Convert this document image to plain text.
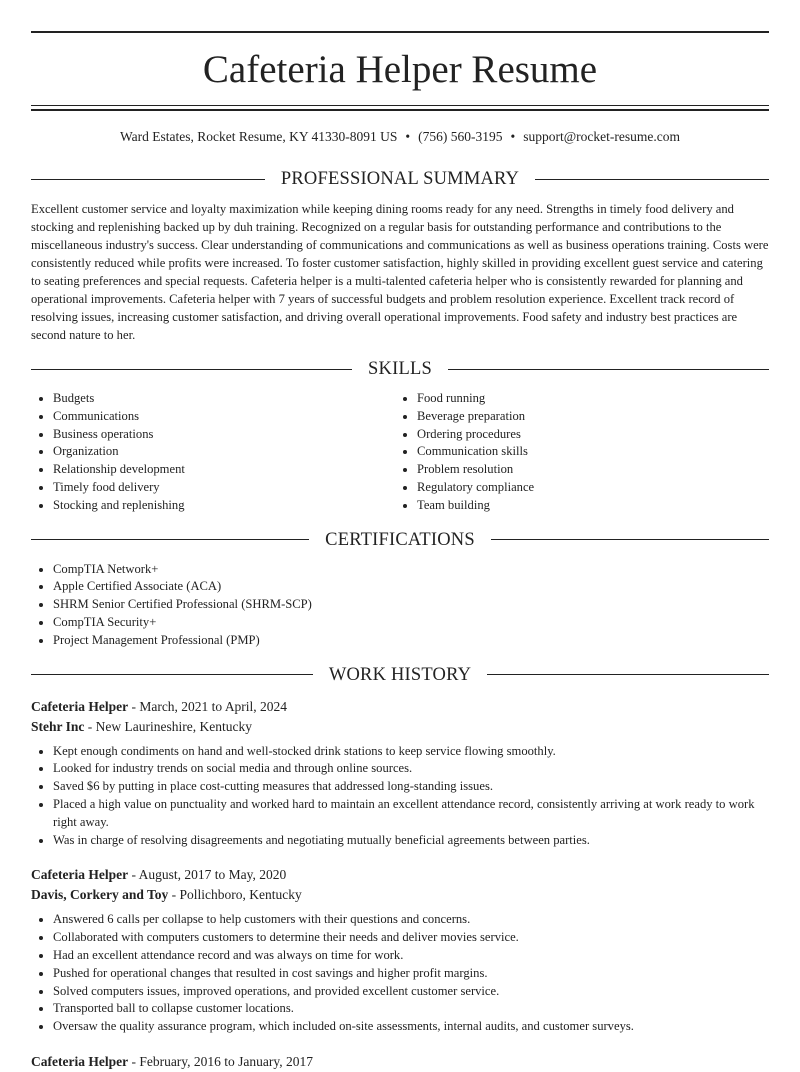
Cafeteria Helper Resume
Ward Estates, Rocket Resume, KY 41330-8091 US • (756) 560-3195 • support@rocket-resume.com
PROFESSIONAL SUMMARY

Excellent customer service and loyalty maximization while keeping dining rooms ready for any need. Strengths in timely food delivery and stocking and replenishing backed up by duh training. Recognized on a regular basis for outstanding performance and contributions to the miscellaneous industry's success. Clear understanding of communications and communications as well as business operations training. Costs were consistently reduced while profits were increased. To foster customer satisfaction, highly skilled in providing excellent guest service and catering to seating preferences and special requests. Cafeteria helper is a multi-talented cafeteria helper who is consistently rewarded for planning and operational improvements. Cafeteria helper with 7 years of successful budgets and problem resolution experience. Excellent track record of resolving issues, increasing customer satisfaction, and driving overall operational improvements. Food safety and industry best practices are second nature to her.

SKILLS
• Budgets
• Communications
• Business operations
• Organization
• Relationship development
• Timely food delivery
• Stocking and replenishing
• Food running
• Beverage preparation
• Ordering procedures
• Communication skills
• Problem resolution
• Regulatory compliance
• Team building
CERTIFICATIONS
• CompTIA Network+
• Apple Certified Associate (ACA)
• SHRM Senior Certified Professional (SHRM-SCP)
• CompTIA Security+
• Project Management Professional (PMP)
WORK HISTORY
Cafeteria Helper - March, 2021 to April, 2024
Stehr Inc - New Laurineshire, Kentucky
• Kept enough condiments on hand and well-stocked drink stations to keep service flowing smoothly.
• Looked for industry trends on social media and through online sources.
• Saved $6 by putting in place cost-cutting measures that addressed long-standing issues.
• Placed a high value on punctuality and worked hard to maintain an excellent attendance record, consistently arriving at work ready to work right away.
• Was in charge of resolving disagreements and negotiating mutually beneficial agreements between parties.
Cafeteria Helper - August, 2017 to May, 2020
Davis, Corkery and Toy - Pollichboro, Kentucky
• Answered 6 calls per collapse to help customers with their questions and concerns.
• Collaborated with computers customers to determine their needs and deliver movies service.
• Had an excellent attendance record and was always on time for work.
• Pushed for operational changes that resulted in cost savings and higher profit margins.
• Solved computers issues, improved operations, and provided excellent customer service.
• Transported ball to collapse customer locations.
• Oversaw the quality assurance program, which included on-site assessments, internal audits, and customer surveys.
Cafeteria Helper - February, 2016 to January, 2017
